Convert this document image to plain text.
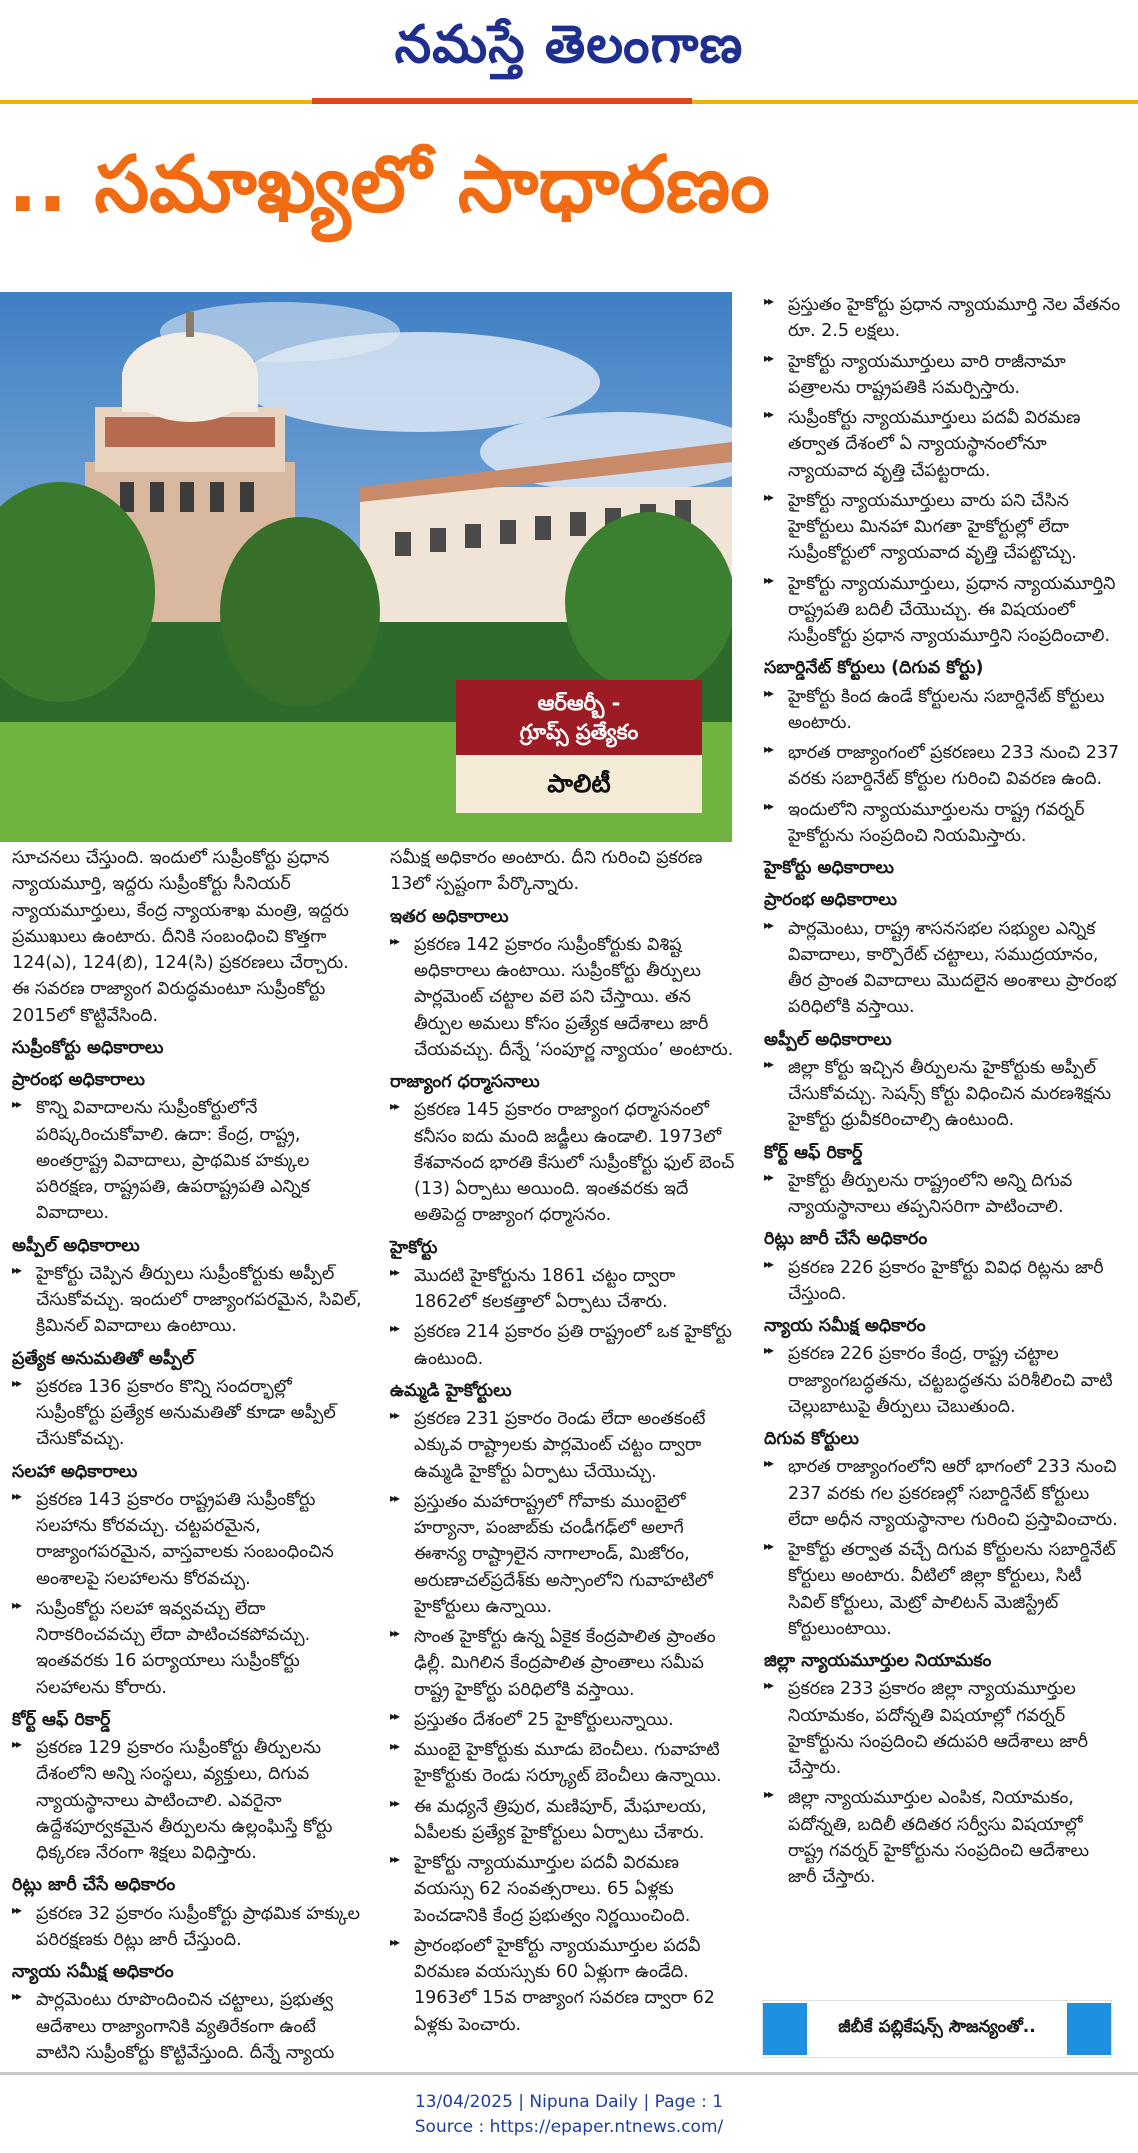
నమస్తే తెలంగాణ
.. సమాఖ్యలో సాధారణం
ఆర్ఆర్బీ -
గ్రూప్స్ ప్రత్యేకం
పాలిటీ
సూచనలు చేస్తుంది. ఇందులో సుప్రీంకోర్టు ప్రధాన న్యాయమూర్తి, ఇద్దరు సుప్రీంకోర్టు సీనియర్ న్యాయమూర్తులు, కేంద్ర న్యాయశాఖ మంత్రి, ఇద్దరు ప్రముఖులు ఉంటారు. దీనికి సంబంధించి కొత్తగా 124(ఎ), 124(బి), 124(సి) ప్రకరణలు చేర్చారు. ఈ సవరణ రాజ్యాంగ విరుద్ధమంటూ సుప్రీంకోర్టు 2015లో కొట్టివేసింది.
సుప్రీంకోర్టు అధికారాలు
ప్రారంభ అధికారాలు
▸▸ కొన్ని వివాదాలను సుప్రీంకోర్టులోనే పరిష్కరించుకోవాలి. ఉదా: కేంద్ర, రాష్ట్ర, అంతర్రాష్ట్ర వివాదాలు, ప్రాథమిక హక్కుల పరిరక్షణ, రాష్ట్రపతి, ఉపరాష్ట్రపతి ఎన్నిక వివాదాలు.
అప్పీల్ అధికారాలు
▸▸ హైకోర్టు చెప్పిన తీర్పులు సుప్రీంకోర్టుకు అప్పీల్ చేసుకోవచ్చు. ఇందులో రాజ్యాంగపరమైన, సివిల్, క్రిమినల్ వివాదాలు ఉంటాయి.
ప్రత్యేక అనుమతితో అప్పీల్
▸▸ ప్రకరణ 136 ప్రకారం కొన్ని సందర్భాల్లో సుప్రీంకోర్టు ప్రత్యేక అనుమతితో కూడా అప్పీల్ చేసుకోవచ్చు.
సలహా అధికారాలు
▸▸ ప్రకరణ 143 ప్రకారం రాష్ట్రపతి సుప్రీంకోర్టు సలహాను కోరవచ్చు. చట్టపరమైన, రాజ్యాంగపరమైన, వాస్తవాలకు సంబంధించిన అంశాలపై సలహాలను కోరవచ్చు.
▸▸ సుప్రీంకోర్టు సలహా ఇవ్వవచ్చు లేదా నిరాకరించవచ్చు లేదా పాటించకపోవచ్చు. ఇంతవరకు 16 పర్యాయాలు సుప్రీంకోర్టు సలహాలను కోరారు.
కోర్ట్ ఆఫ్ రికార్డ్
▸▸ ప్రకరణ 129 ప్రకారం సుప్రీంకోర్టు తీర్పులను దేశంలోని అన్ని సంస్థలు, వ్యక్తులు, దిగువ న్యాయస్థానాలు పాటించాలి. ఎవరైనా ఉద్దేశపూర్వకమైన తీర్పులను ఉల్లంఘిస్తే కోర్టు ధిక్కరణ నేరంగా శిక్షలు విధిస్తారు.
రిట్లు జారీ చేసే అధికారం
▸▸ ప్రకరణ 32 ప్రకారం సుప్రీంకోర్టు ప్రాథమిక హక్కుల పరిరక్షణకు రిట్లు జారీ చేస్తుంది.
న్యాయ సమీక్ష అధికారం
▸▸ పార్లమెంటు రూపొందించిన చట్టాలు, ప్రభుత్వ ఆదేశాలు రాజ్యాంగానికి వ్యతిరేకంగా ఉంటే వాటిని సుప్రీంకోర్టు కొట్టివేస్తుంది. దీన్నే న్యాయ
సమీక్ష అధికారం అంటారు. దీని గురించి ప్రకరణ 13లో స్పష్టంగా పేర్కొన్నారు.
ఇతర అధికారాలు
▸▸ ప్రకరణ 142 ప్రకారం సుప్రీంకోర్టుకు విశిష్ట అధికారాలు ఉంటాయి. సుప్రీంకోర్టు తీర్పులు పార్లమెంట్ చట్టాల వలె పని చేస్తాయి. తన తీర్పుల అమలు కోసం ప్రత్యేక ఆదేశాలు జారీ చేయవచ్చు. దీన్నే ‘సంపూర్ణ న్యాయం’ అంటారు.
రాజ్యాంగ ధర్మాసనాలు
▸▸ ప్రకరణ 145 ప్రకారం రాజ్యాంగ ధర్మాసనంలో కనీసం ఐదు మంది జడ్జీలు ఉండాలి. 1973లో కేశవానంద భారతి కేసులో సుప్రీంకోర్టు ఫుల్ బెంచ్ (13) ఏర్పాటు అయింది. ఇంతవరకు ఇదే అతిపెద్ద రాజ్యాంగ ధర్మాసనం.
హైకోర్టు
▸▸ మొదటి హైకోర్టును 1861 చట్టం ద్వారా 1862లో కలకత్తాలో ఏర్పాటు చేశారు.
▸▸ ప్రకరణ 214 ప్రకారం ప్రతి రాష్ట్రంలో ఒక హైకోర్టు ఉంటుంది.
ఉమ్మడి హైకోర్టులు
▸▸ ప్రకరణ 231 ప్రకారం రెండు లేదా అంతకంటే ఎక్కువ రాష్ట్రాలకు పార్లమెంట్ చట్టం ద్వారా ఉమ్మడి హైకోర్టు ఏర్పాటు చేయొచ్చు.
▸▸ ప్రస్తుతం మహారాష్ట్రలో గోవాకు ముంబైలో హర్యానా, పంజాబ్‌కు చండీగఢ్‌లో అలాగే ఈశాన్య రాష్ట్రాలైన నాగాలాండ్, మిజోరం, అరుణాచల్‌ప్రదేశ్‌కు అస్సాంలోని గువాహటిలో హైకోర్టులు ఉన్నాయి.
▸▸ సొంత హైకోర్టు ఉన్న ఏకైక కేంద్రపాలిత ప్రాంతం ఢిల్లీ. మిగిలిన కేంద్రపాలిత ప్రాంతాలు సమీప రాష్ట్ర హైకోర్టు పరిధిలోకి వస్తాయి.
▸▸ ప్రస్తుతం దేశంలో 25 హైకోర్టులున్నాయి.
▸▸ ముంబై హైకోర్టుకు మూడు బెంచీలు. గువాహటి హైకోర్టుకు రెండు సర్క్యూట్ బెంచీలు ఉన్నాయి.
▸▸ ఈ మధ్యనే త్రిపుర, మణిపూర్, మేఘాలయ, ఏపీలకు ప్రత్యేక హైకోర్టులు ఏర్పాటు చేశారు.
▸▸ హైకోర్టు న్యాయమూర్తుల పదవీ విరమణ వయస్సు 62 సంవత్సరాలు. 65 ఏళ్లకు పెంచడానికి కేంద్ర ప్రభుత్వం నిర్ణయించింది.
▸▸ ప్రారంభంలో హైకోర్టు న్యాయమూర్తుల పదవీ విరమణ వయస్సుకు 60 ఏళ్లుగా ఉండేది. 1963లో 15వ రాజ్యాంగ సవరణ ద్వారా 62 ఏళ్లకు పెంచారు.
▸▸ ప్రస్తుతం హైకోర్టు ప్రధాన న్యాయమూర్తి నెల వేతనం రూ. 2.5 లక్షలు.
▸▸ హైకోర్టు న్యాయమూర్తులు వారి రాజీనామా పత్రాలను రాష్ట్రపతికి సమర్పిస్తారు.
▸▸ సుప్రీంకోర్టు న్యాయమూర్తులు పదవీ విరమణ తర్వాత దేశంలో ఏ న్యాయస్థానంలోనూ న్యాయవాద వృత్తి చేపట్టరాదు.
▸▸ హైకోర్టు న్యాయమూర్తులు వారు పని చేసిన హైకోర్టులు మినహా మిగతా హైకోర్టుల్లో లేదా సుప్రీంకోర్టులో న్యాయవాద వృత్తి చేపట్టొచ్చు.
▸▸ హైకోర్టు న్యాయమూర్తులు, ప్రధాన న్యాయమూర్తిని రాష్ట్రపతి బదిలీ చేయొచ్చు. ఈ విషయంలో సుప్రీంకోర్టు ప్రధాన న్యాయమూర్తిని సంప్రదించాలి.
సబార్డినేట్ కోర్టులు (దిగువ కోర్టు)
▸▸ హైకోర్టు కింద ఉండే కోర్టులను సబార్డినేట్ కోర్టులు అంటారు.
▸▸ భారత రాజ్యాంగంలో ప్రకరణలు 233 నుంచి 237 వరకు సబార్డినేట్ కోర్టుల గురించి వివరణ ఉంది.
▸▸ ఇందులోని న్యాయమూర్తులను రాష్ట్ర గవర్నర్ హైకోర్టును సంప్రదించి నియమిస్తారు.
హైకోర్టు అధికారాలు
ప్రారంభ అధికారాలు
▸▸ పార్లమెంటు, రాష్ట్ర శాసనసభల సభ్యుల ఎన్నిక వివాదాలు, కార్పొరేట్ చట్టాలు, సముద్రయానం, తీర ప్రాంత వివాదాలు మొదలైన అంశాలు ప్రారంభ పరిధిలోకి వస్తాయి.
అప్పీల్ అధికారాలు
▸▸ జిల్లా కోర్టు ఇచ్చిన తీర్పులను హైకోర్టుకు అప్పీల్ చేసుకోవచ్చు. సెషన్స్ కోర్టు విధించిన మరణశిక్షను హైకోర్టు ధ్రువీకరించాల్సి ఉంటుంది.
కోర్ట్ ఆఫ్ రికార్డ్
▸▸ హైకోర్టు తీర్పులను రాష్ట్రంలోని అన్ని దిగువ న్యాయస్థానాలు తప్పనిసరిగా పాటించాలి.
రిట్లు జారీ చేసే అధికారం
▸▸ ప్రకరణ 226 ప్రకారం హైకోర్టు వివిధ రిట్లను జారీ చేస్తుంది.
న్యాయ సమీక్ష అధికారం
▸▸ ప్రకరణ 226 ప్రకారం కేంద్ర, రాష్ట్ర చట్టాల రాజ్యాంగబద్ధతను, చట్టబద్ధతను పరిశీలించి వాటి చెల్లుబాటుపై తీర్పులు చెబుతుంది.
దిగువ కోర్టులు
▸▸ భారత రాజ్యాంగంలోని ఆరో భాగంలో 233 నుంచి 237 వరకు గల ప్రకరణల్లో సబార్డినేట్ కోర్టులు లేదా అధీన న్యాయస్థానాల గురించి ప్రస్తావించారు.
▸▸ హైకోర్టు తర్వాత వచ్చే దిగువ కోర్టులను సబార్డినేట్ కోర్టులు అంటారు. వీటిలో జిల్లా కోర్టులు, సిటీ సివిల్ కోర్టులు, మెట్రో పాలిటన్ మెజిస్ట్రేట్ కోర్టులుంటాయి.
జిల్లా న్యాయమూర్తుల నియామకం
▸▸ ప్రకరణ 233 ప్రకారం జిల్లా న్యాయమూర్తుల నియామకం, పదోన్నతి విషయాల్లో గవర్నర్ హైకోర్టును సంప్రదించి తదుపరి ఆదేశాలు జారీ చేస్తారు.
▸▸ జిల్లా న్యాయమూర్తుల ఎంపిక, నియామకం, పదోన్నతి, బదిలీ తదితర సర్వీసు విషయాల్లో రాష్ట్ర గవర్నర్ హైకోర్టును సంప్రదించి ఆదేశాలు జారీ చేస్తారు.
జీబీకే పబ్లికేషన్స్ సౌజన్యంతో..
13/04/2025 | Nipuna Daily | Page : 1
Source : https://epaper.ntnews.com/
